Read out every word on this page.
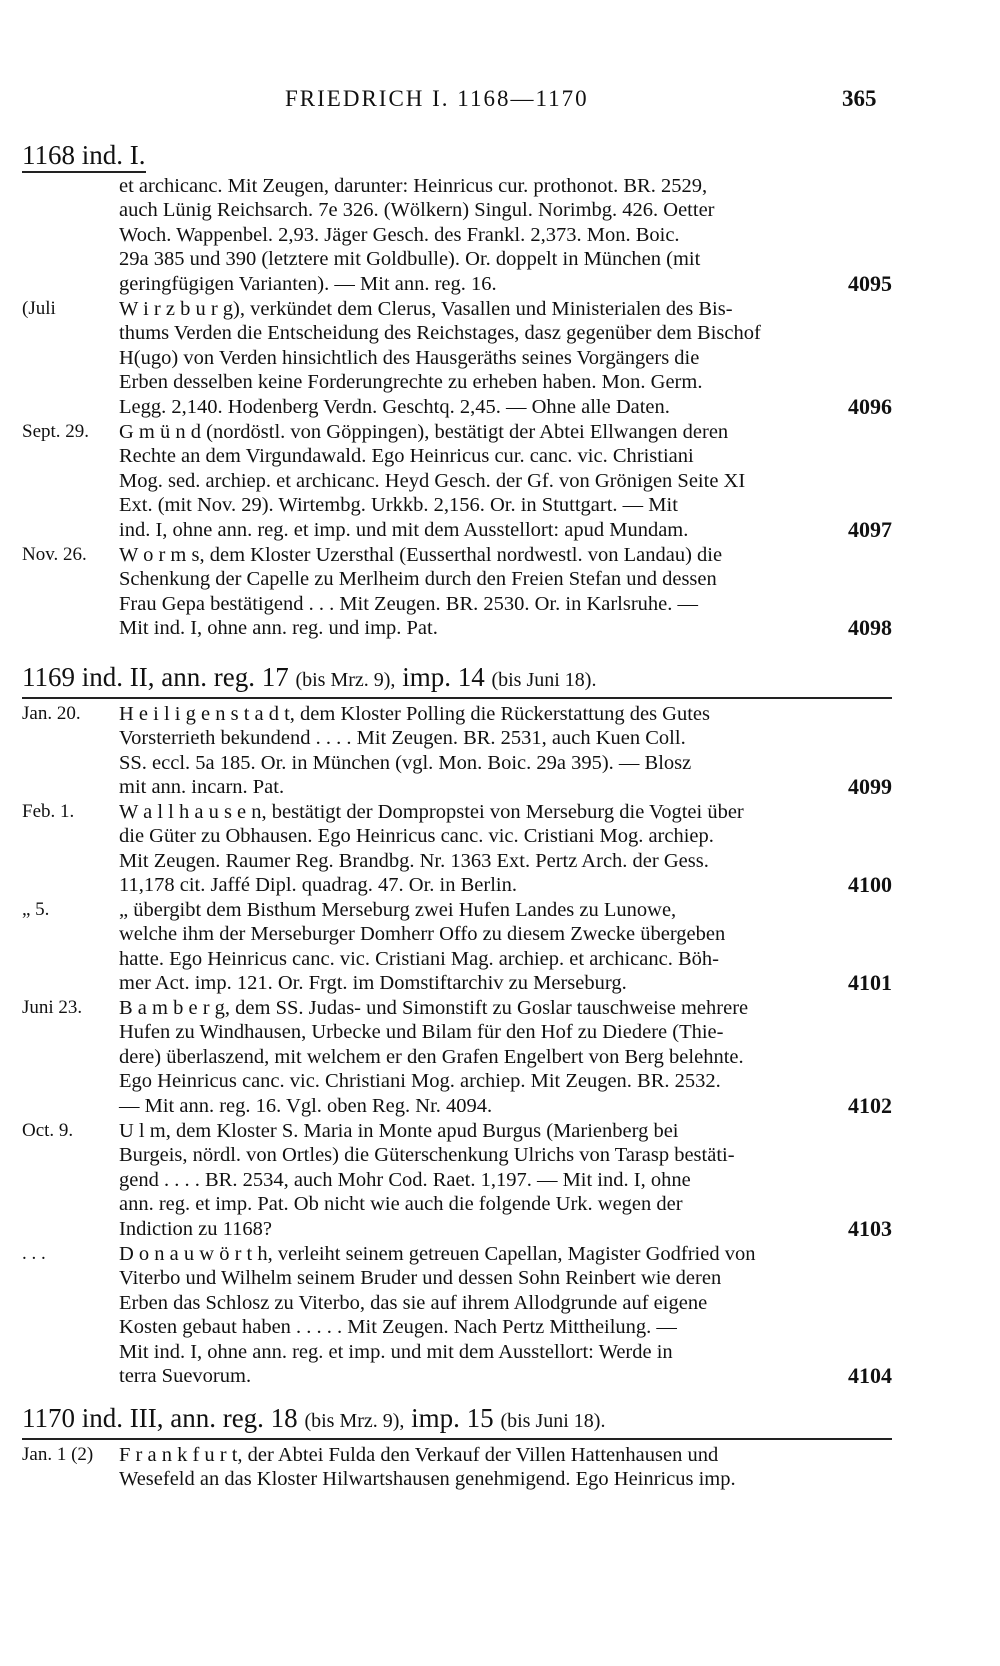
FRIEDRICH I. 1168—1170	365
1168 ind. I.
et archicanc. Mit Zeugen, darunter: Heinricus cur. prothonot. BR. 2529,
auch Lünig Reichsarch. 7e 326. (Wölkern) Singul. Norimbg. 426. Oetter
Woch. Wappenbel. 2,93. Jäger Gesch. des Frankl. 2,373. Mon. Boic.
29a 385 und 390 (letztere mit Goldbulle). Or. doppelt in München (mit
geringfügigen Varianten). — Mit ann. reg. 16.	4095
(Juli	W i r z b u r g), verkündet dem Clerus, Vasallen und Ministerialen des Bis-
thums Verden die Entscheidung des Reichstages, dasz gegenüber dem Bischof
H(ugo) von Verden hinsichtlich des Hausgeräths seines Vorgängers die
Erben desselben keine Forderungrechte zu erheben haben. Mon. Germ.
Legg. 2,140. Hodenberg Verdn. Geschtq. 2,45. — Ohne alle Daten.	4096
Sept. 29. G m ü n d (nordöstl. von Göppingen), bestätigt der Abtei Ellwangen deren
Rechte an dem Virgundawald. Ego Heinricus cur. canc. vic. Christiani
Mog. sed. archiep. et archicanc. Heyd Gesch. der Gf. von Grönigen Seite XI
Ext. (mit Nov. 29). Wirtembg. Urkkb. 2,156. Or. in Stuttgart. — Mit
ind. I, ohne ann. reg. et imp. und mit dem Ausstellort: apud Mundam.	4097
Nov. 26. W o r m s, dem Kloster Uzersthal (Eusserthal nordwestl. von Landau) die
Schenkung der Capelle zu Merlheim durch den Freien Stefan und dessen
Frau Gepa bestätigend . . . Mit Zeugen. BR. 2530. Or. in Karlsruhe. —
Mit ind. I, ohne ann. reg. und imp. Pat.	4098
1169 ind. II, ann. reg. 17 (bis Mrz. 9), imp. 14 (bis Juni 18).
Jan. 20. H e i l i g e n s t a d t, dem Kloster Polling die Rückerstattung des Gutes
Vorsterrieth bekundend . . . . Mit Zeugen. BR. 2531, auch Kuen Coll.
SS. eccl. 5a 185. Or. in München (vgl. Mon. Boic. 29a 395). — Blosz
mit ann. incarn. Pat.	4099
Feb. 1. W a l l h a u s e n, bestätigt der Dompropstei von Merseburg die Vogtei über
die Güter zu Obhausen. Ego Heinricus canc. vic. Cristiani Mog. archiep.
Mit Zeugen. Raumer Reg. Brandbg. Nr. 1363 Ext. Pertz Arch. der Gess.
11,178 cit. Jaffé Dipl. quadrag. 47. Or. in Berlin.	4100
„ 5.	„ übergibt dem Bisthum Merseburg zwei Hufen Landes zu Lunowe,
welche ihm der Merseburger Domherr Offo zu diesem Zwecke übergeben
hatte. Ego Heinricus canc. vic. Cristiani Mag. archiep. et archicanc. Böh-
mer Act. imp. 121. Or. Frgt. im Domstiftarchiv zu Merseburg.	4101
Juni 23. B a m b e r g, dem SS. Judas- und Simonstift zu Goslar tauschweise mehrere
Hufen zu Windhausen, Urbecke und Bilam für den Hof zu Diedere (Thie-
dere) überlaszend, mit welchem er den Grafen Engelbert von Berg belehnte.
Ego Heinricus canc. vic. Christiani Mog. archiep. Mit Zeugen. BR. 2532.
— Mit ann. reg. 16. Vgl. oben Reg. Nr. 4094.	4102
Oct. 9. U l m, dem Kloster S. Maria in Monte apud Burgus (Marienberg bei
Burgeis, nördl. von Ortles) die Güterschenkung Ulrichs von Tarasp bestäti-
gend . . . . BR. 2534, auch Mohr Cod. Raet. 1,197. — Mit ind. I, ohne
ann. reg. et imp. Pat. Ob nicht wie auch die folgende Urk. wegen der
Indiction zu 1168?	4103
. . .	D o n a u w ö r t h, verleiht seinem getreuen Capellan, Magister Godfried von
Viterbo und Wilhelm seinem Bruder und dessen Sohn Reinbert wie deren
Erben das Schlosz zu Viterbo, das sie auf ihrem Allodgrunde auf eigene
Kosten gebaut haben . . . . . Mit Zeugen. Nach Pertz Mittheilung. —
Mit ind. I, ohne ann. reg. et imp. und mit dem Ausstellort: Werde in
terra Suevorum.	4104
1170 ind. III, ann. reg. 18 (bis Mrz. 9), imp. 15 (bis Juni 18).
Jan. 1 (2) F r a n k f u r t, der Abtei Fulda den Verkauf der Villen Hattenhausen und
Wesefeld an das Kloster Hilwartshausen genehmigend. Ego Heinricus imp.
